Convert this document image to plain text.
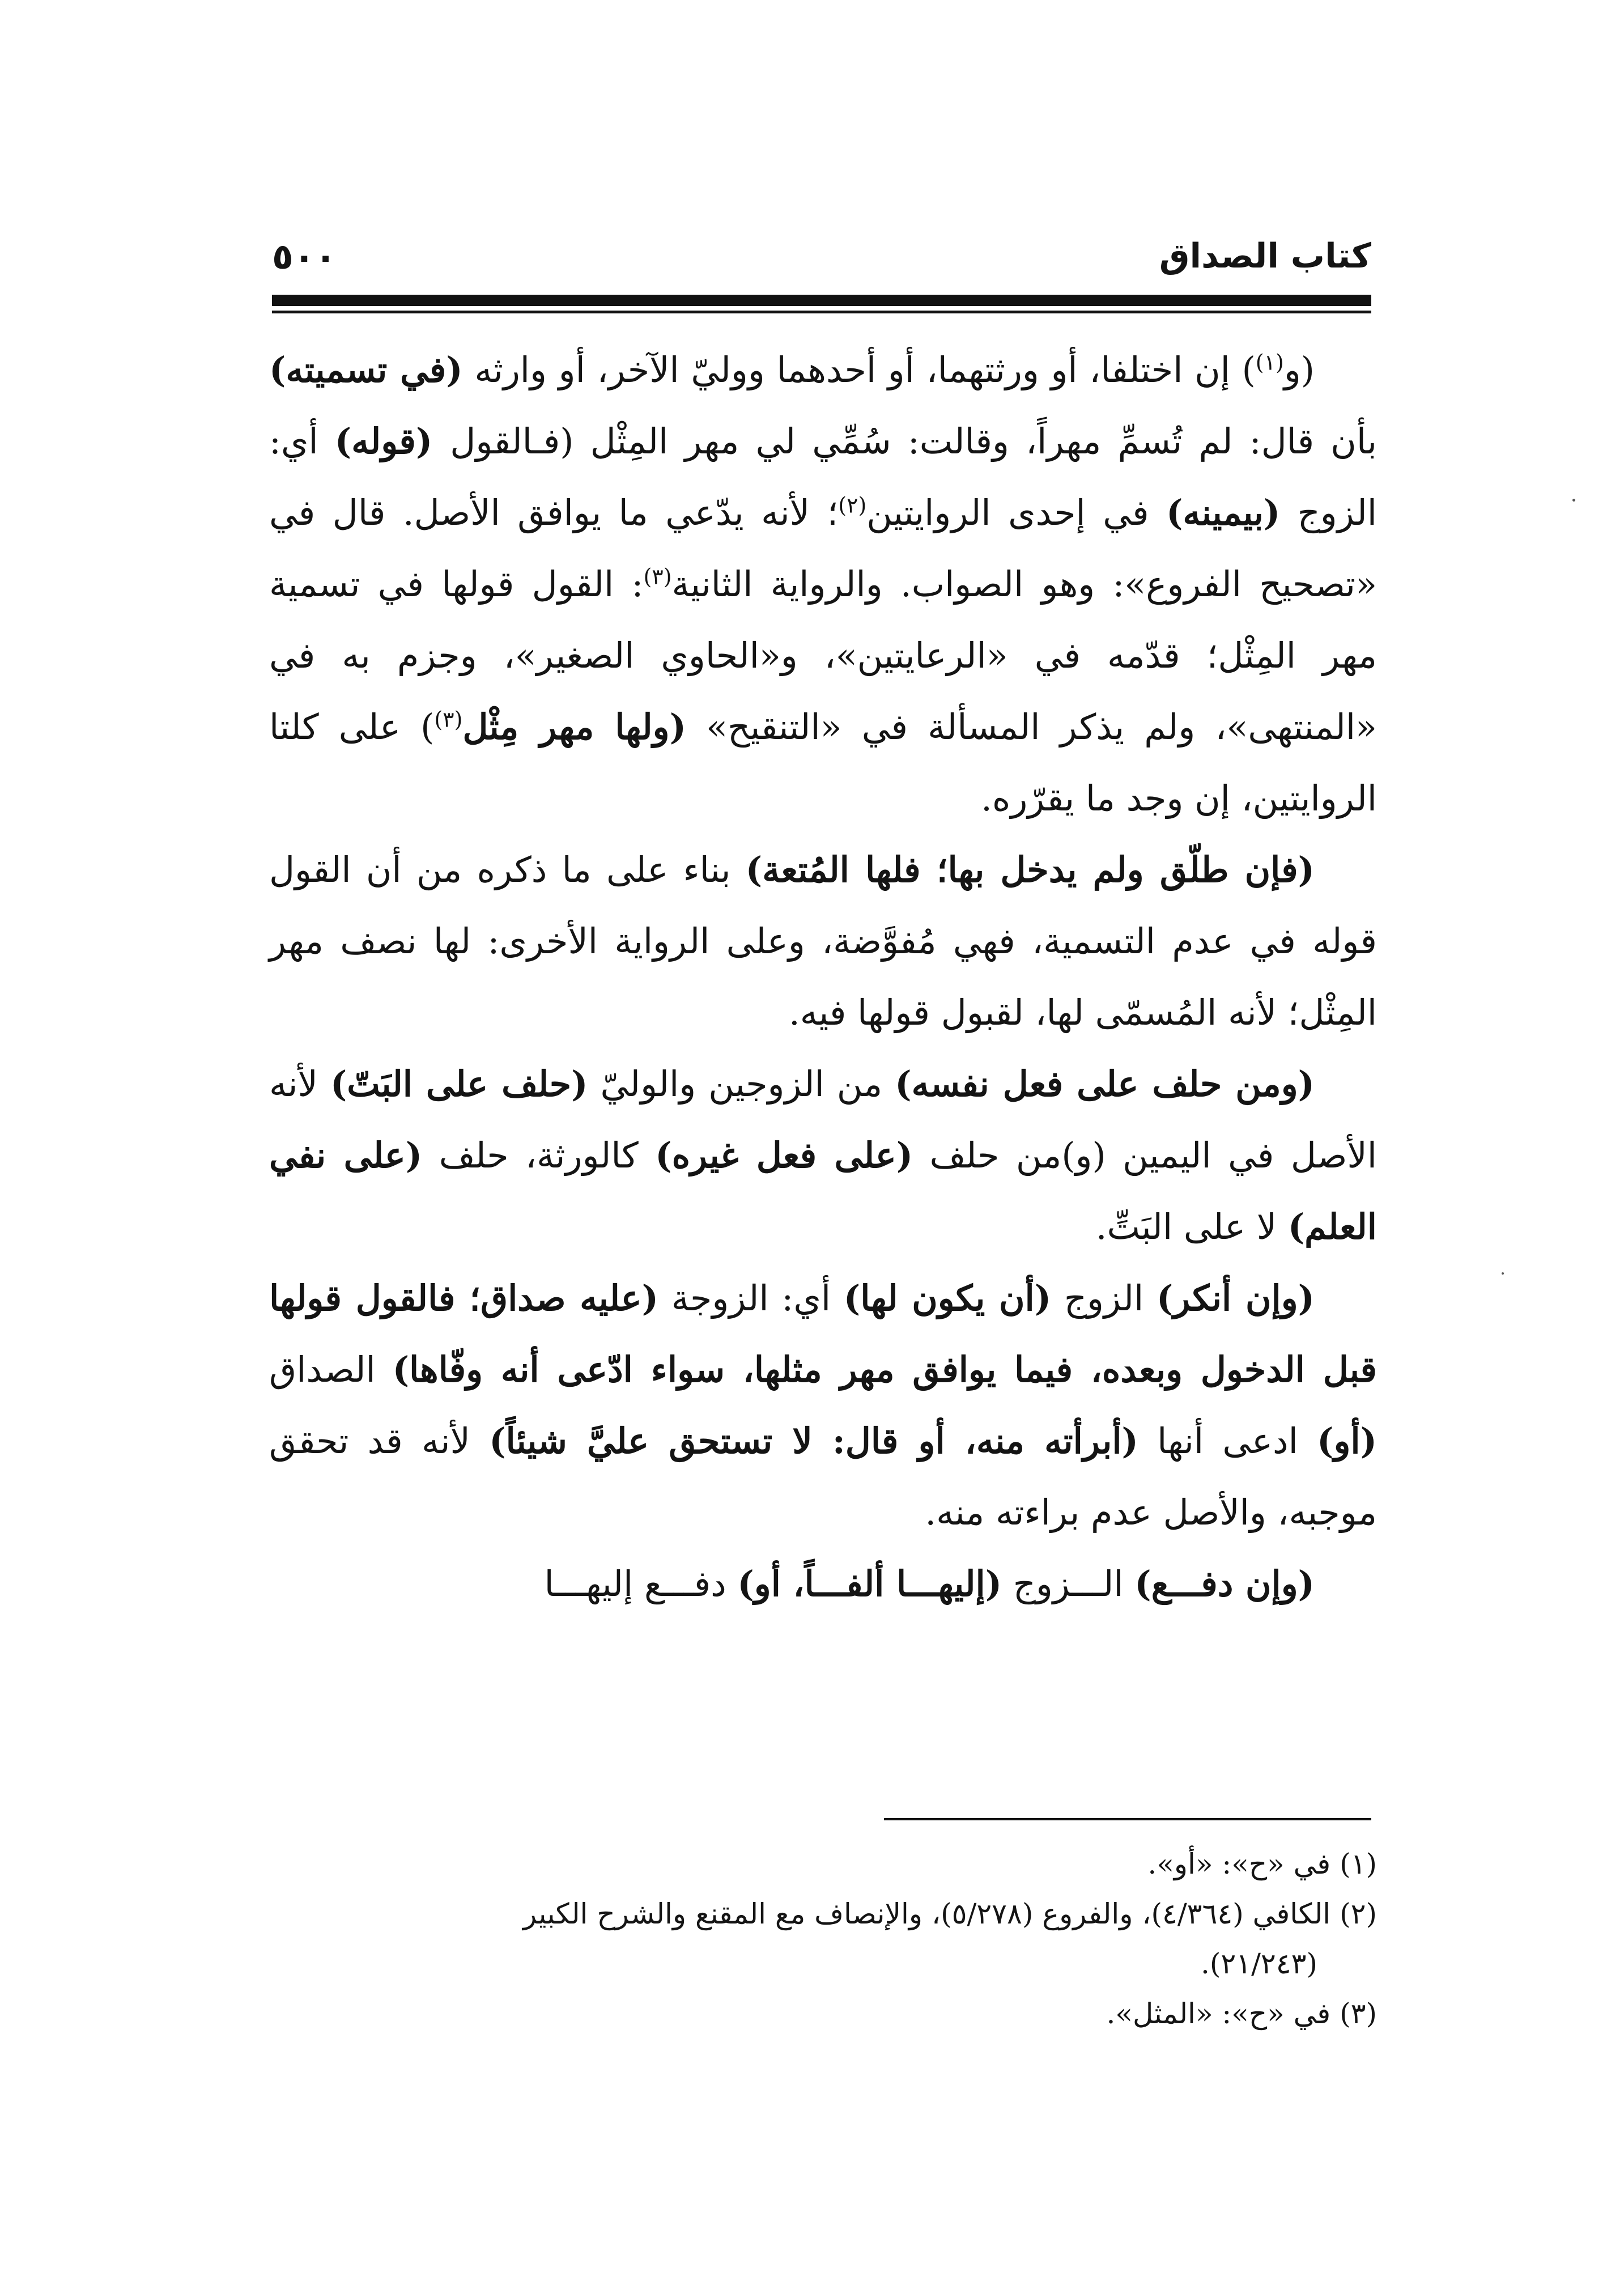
كتاب الصداق
٥٠٠

(و$^{(١)}$) إن اختلفا، أو ورثتهما، أو أحدهما ووليّ الآخر، أو وارثه (في تسميته) بأن قال: لم تُسمِّ مهراً، وقالت: سُمِّي لي مهر المِثْل (فـالقول (قوله) أي: الزوج (بيمينه) في إحدى الروايتين$^{(٢)}$؛ لأنه يدّعي ما يوافق الأصل. قال في «تصحيح الفروع»: وهو الصواب. والرواية الثانية$^{(٣)}$: القول قولها في تسمية مهر المِثْل؛ قدّمه في «الرعايتين»، و«الحاوي الصغير»، وجزم به في «المنتهى»، ولم يذكر المسألة في «التنقيح» (ولها مهر مِثْل$^{(٣)}$) على كلتا الروايتين، إن وجد ما يقرّره.

(فإن طلّق ولم يدخل بها؛ فلها المُتعة) بناء على ما ذكره من أن القول قوله في عدم التسمية، فهي مُفوَّضة، وعلى الرواية الأخرى: لها نصف مهر المِثْل؛ لأنه المُسمّى لها، لقبول قولها فيه.

(ومن حلف على فعل نفسه) من الزوجين والوليّ (حلف على البَتّ) لأنه الأصل في اليمين (و)من حلف (على فعل غيره) كالورثة، حلف (على نفي العلم) لا على البَتِّ.

(وإن أنكر) الزوج (أن يكون لها) أي: الزوجة (عليه صداق؛ فالقول قولها قبل الدخول وبعده، فيما يوافق مهر مثلها، سواء ادّعى أنه وفّاها) الصداق (أو) ادعى أنها (أبرأته منه، أو قال: لا تستحق عليَّ شيئاً) لأنه قد تحقق موجبه، والأصل عدم براءته منه.

(وإن دفـــع) الـــزوج (إليهـــا ألفـــاً، أو) دفـــع إليهـــا

(١) في «ح»: «أو».

(٢) الكافي (٤/٣٦٤)، والفروع (٥/٢٧٨)، والإنصاف مع المقنع والشرح الكبير

(٢١/٢٤٣).

(٣) في «ح»: «المثل».
